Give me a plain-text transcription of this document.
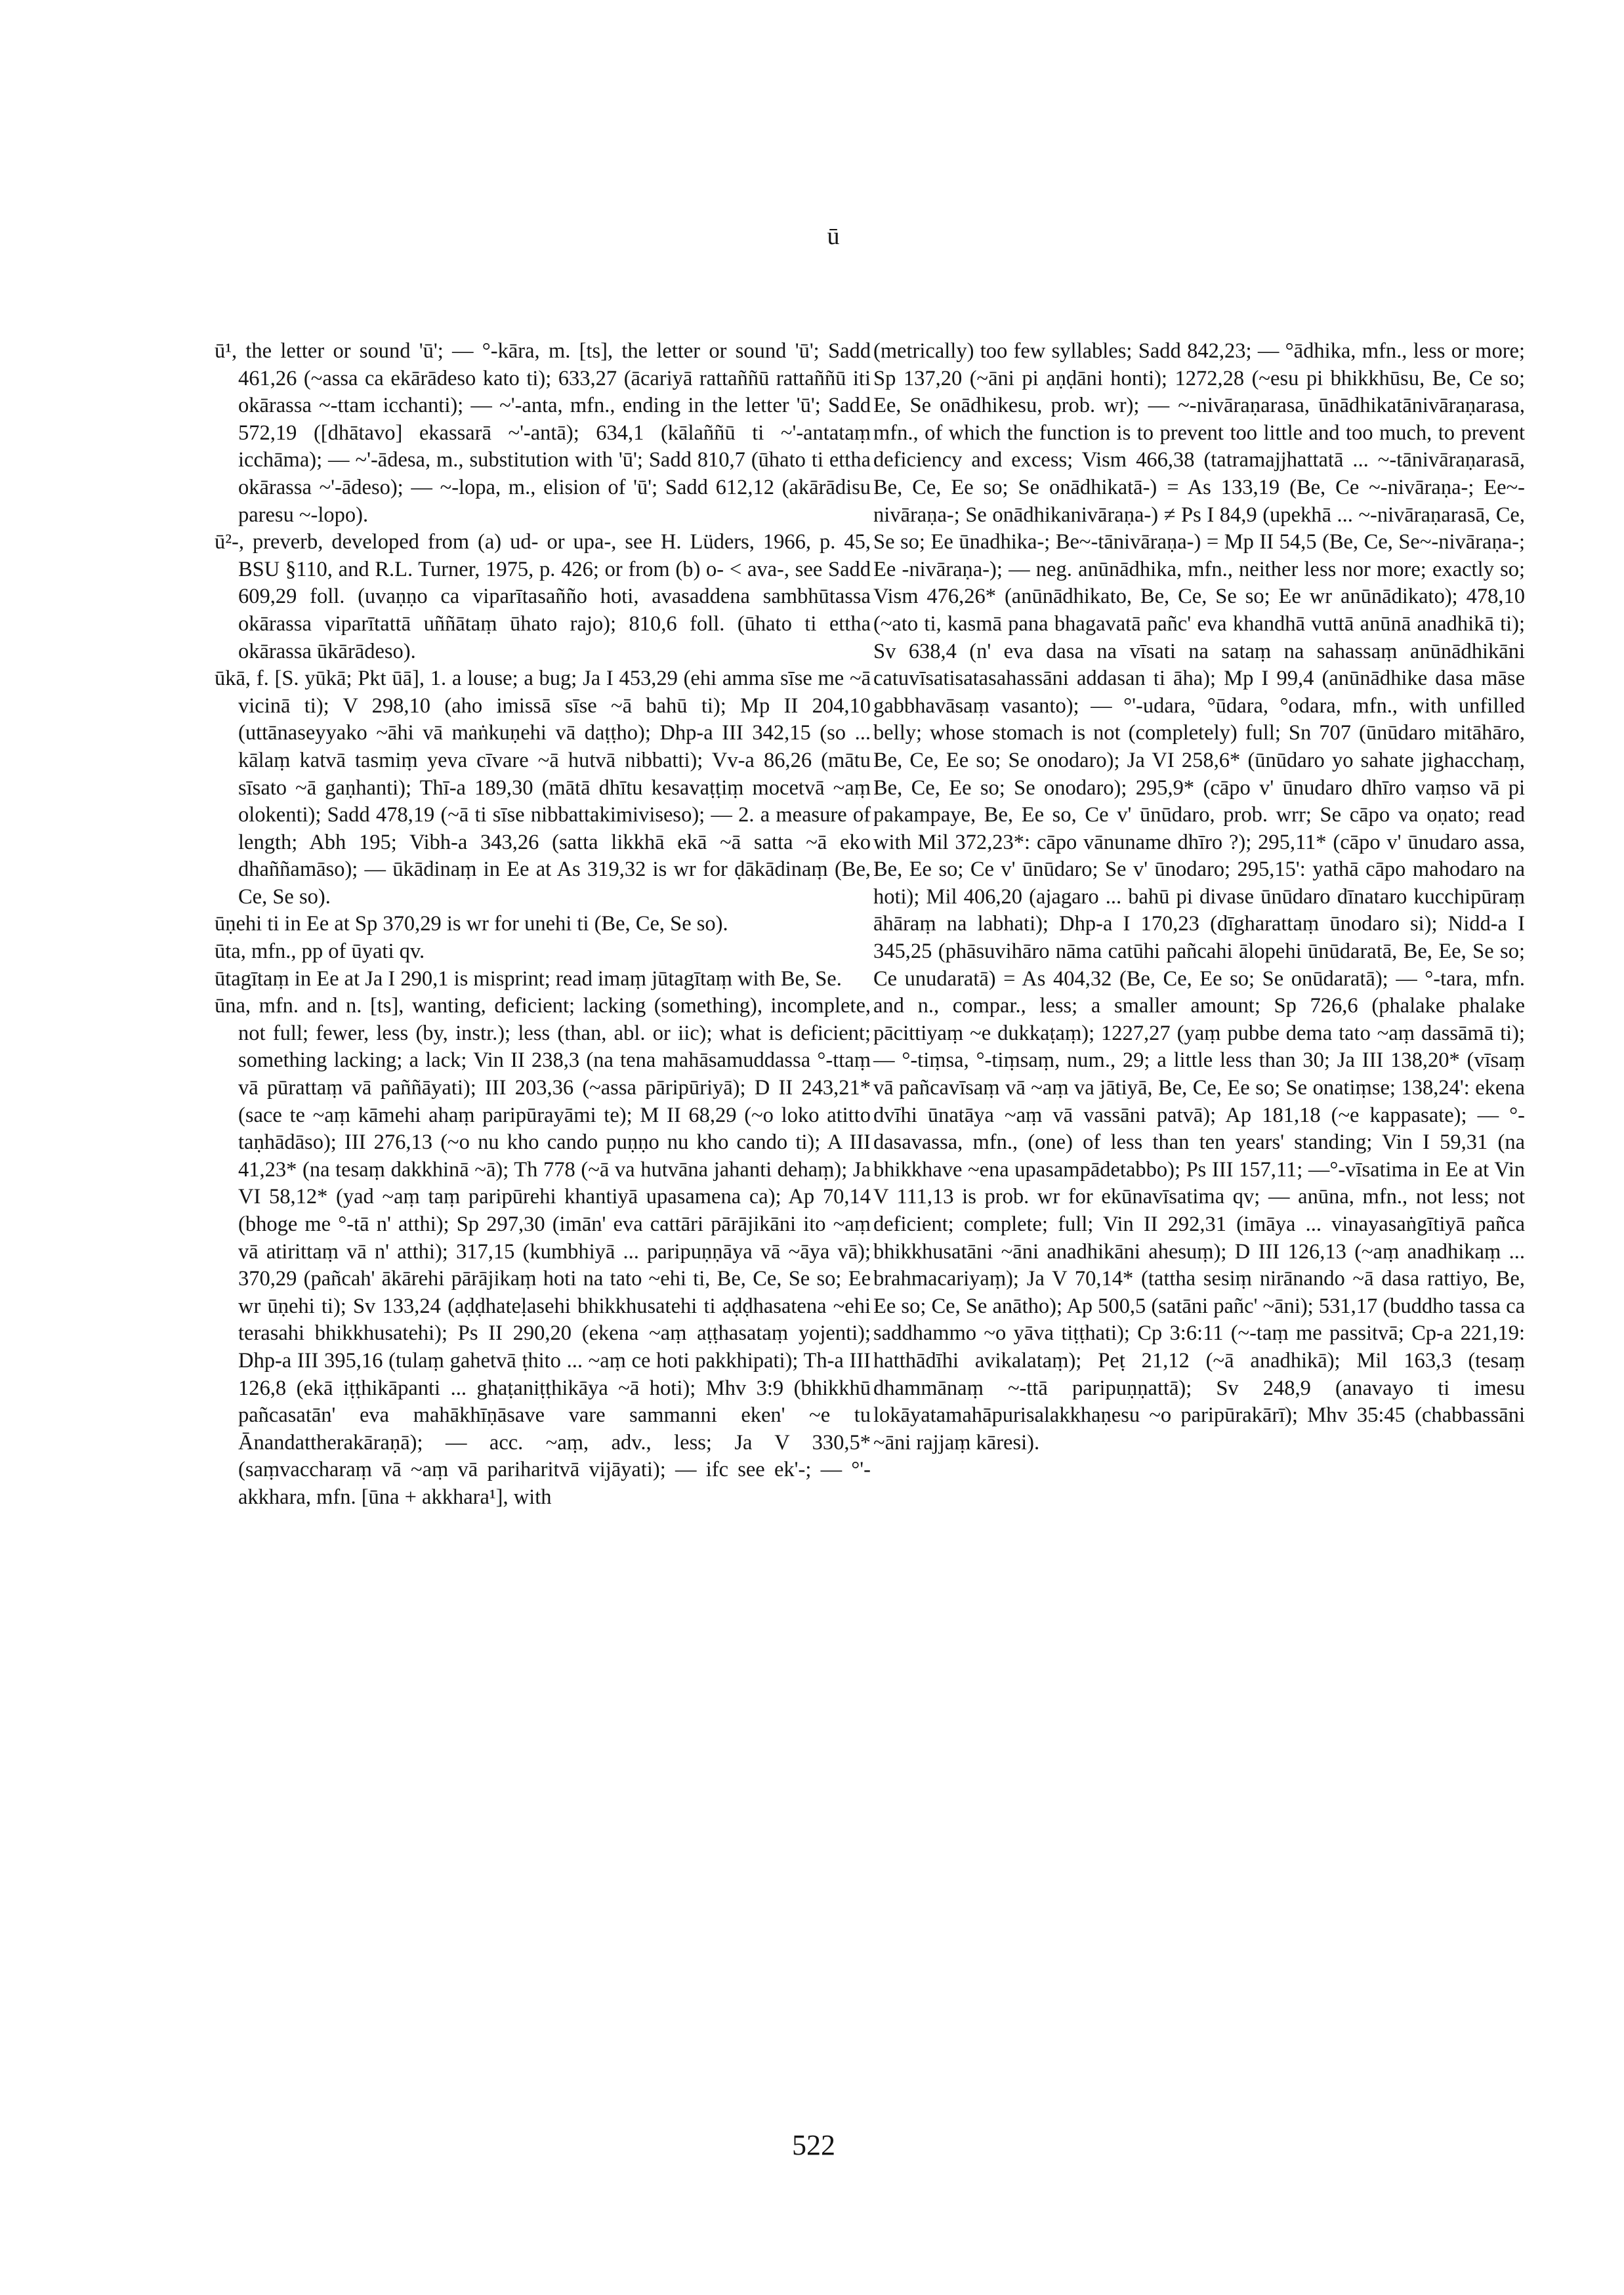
ū

ū¹, the letter or sound 'ū'; — °-kāra, m. [ts], the letter or sound 'ū'; Sadd 461,26 (~assa ca ekārādeso kato ti); 633,27 (ācariyā rattaññū rattaññū iti okārassa ~-ttam icchanti); — ~'-anta, mfn., ending in the letter 'ū'; Sadd 572,19 ([dhātavo] ekassarā ~'-antā); 634,1 (kālaññū ti ~'-antataṃ icchāma); — ~'-ādesa, m., substitution with 'ū'; Sadd 810,7 (ūhato ti ettha okārassa ~'-ādeso); — ~-lopa, m., elision of 'ū'; Sadd 612,12 (akārādisu paresu ~-lopo).

ū²-, preverb, developed from (a) ud- or upa-, see H. Lüders, 1966, p. 45, BSU §110, and R.L. Turner, 1975, p. 426; or from (b) o- < ava-, see Sadd 609,29 foll. (uvaṇṇo ca viparītasañño hoti, avasaddena sambhūtassa okārassa viparītattā uññātaṃ ūhato rajo); 810,6 foll. (ūhato ti ettha okārassa ūkārādeso).

ūkā, f. [S. yūkā; Pkt ūā], 1. a louse; a bug; Ja I 453,29 (ehi amma sīse me ~ā vicinā ti); V 298,10 (aho imissā sīse ~ā bahū ti); Mp II 204,10 (uttānaseyyako ~āhi vā maṅkuṇehi vā daṭṭho); Dhp-a III 342,15 (so ... kālaṃ katvā tasmiṃ yeva cīvare ~ā hutvā nibbatti); Vv-a 86,26 (mātu sīsato ~ā gaṇhanti); Thī-a 189,30 (mātā dhītu kesavaṭṭiṃ mocetvā ~aṃ olokenti); Sadd 478,19 (~ā ti sīse nibbattakimiviseso); — 2. a measure of length; Abh 195; Vibh-a 343,26 (satta likkhā ekā ~ā satta ~ā eko dhaññamāso); — ūkādinaṃ in Ee at As 319,32 is wr for ḍākādinaṃ (Be, Ce, Se so).

ūṇehi ti in Ee at Sp 370,29 is wr for unehi ti (Be, Ce, Se so).

ūta, mfn., pp of ūyati qv.

ūtagītaṃ in Ee at Ja I 290,1 is misprint; read imaṃ jūtagītaṃ with Be, Se.

ūna, mfn. and n. [ts], wanting, deficient; lacking (something), incomplete, not full; fewer, less (by, instr.); less (than, abl. or iic); what is deficient; something lacking; a lack; Vin II 238,3 (na tena mahāsamuddassa °-ttaṃ vā pūrattaṃ vā paññāyati); III 203,36 (~assa pāripūriyā); D II 243,21* (sace te ~aṃ kāmehi ahaṃ paripūrayāmi te); M II 68,29 (~o loko atitto taṇhādāso); III 276,13 (~o nu kho cando puṇṇo nu kho cando ti); A III 41,23* (na tesaṃ dakkhinā ~ā); Th 778 (~ā va hutvāna jahanti dehaṃ); Ja VI 58,12* (yad ~aṃ taṃ paripūrehi khantiyā upasamena ca); Ap 70,14 (bhoge me °-tā n' atthi); Sp 297,30 (imān' eva cattāri pārājikāni ito ~aṃ vā atirittaṃ vā n' atthi); 317,15 (kumbhiyā ... paripuṇṇāya vā ~āya vā); 370,29 (pañcah' ākārehi pārājikaṃ hoti na tato ~ehi ti, Be, Ce, Se so; Ee wr ūṇehi ti); Sv 133,24 (aḍḍhateḷasehi bhikkhusatehi ti aḍḍhasatena ~ehi terasahi bhikkhusatehi); Ps II 290,20 (ekena ~aṃ aṭṭhasataṃ yojenti); Dhp-a III 395,16 (tulaṃ gahetvā ṭhito ... ~aṃ ce hoti pakkhipati); Th-a III 126,8 (ekā iṭṭhikāpanti ... ghaṭaniṭṭhikāya ~ā hoti); Mhv 3:9 (bhikkhū pañcasatān' eva mahākhīṇāsave vare sammanni eken' ~e tu Ānandattherakāraṇā); — acc. ~aṃ, adv., less; Ja V 330,5* (saṃvaccharaṃ vā ~aṃ vā pariharitvā vijāyati); — ifc see ek'-; — °'-akkhara, mfn. [ūna + akkhara¹], with

(metrically) too few syllables; Sadd 842,23; — °ādhika, mfn., less or more; Sp 137,20 (~āni pi aṇḍāni honti); 1272,28 (~esu pi bhikkhūsu, Be, Ce so; Ee, Se onādhikesu, prob. wr); — ~-nivāraṇarasa, ūnādhikatānivāraṇarasa, mfn., of which the function is to prevent too little and too much, to prevent deficiency and excess; Vism 466,38 (tatramajjhattatā ... ~-tānivāraṇarasā, Be, Ce, Ee so; Se onādhikatā-) = As 133,19 (Be, Ce ~-nivāraṇa-; Ee~-nivāraṇa-; Se onādhikanivāraṇa-) ≠ Ps I 84,9 (upekhā ... ~-nivāraṇarasā, Ce, Se so; Ee ūnadhika-; Be~-tānivāraṇa-) = Mp II 54,5 (Be, Ce, Se~-nivāraṇa-; Ee -nivāraṇa-); — neg. anūnādhika, mfn., neither less nor more; exactly so; Vism 476,26* (anūnādhikato, Be, Ce, Se so; Ee wr anūnādikato); 478,10 (~ato ti, kasmā pana bhagavatā pañc' eva khandhā vuttā anūnā anadhikā ti); Sv 638,4 (n' eva dasa na vīsati na sataṃ na sahassaṃ anūnādhikāni catuvīsatisatasahassāni addasan ti āha); Mp I 99,4 (anūnādhike dasa māse gabbhavāsaṃ vasanto); — °'-udara, °ūdara, °odara, mfn., with unfilled belly; whose stomach is not (completely) full; Sn 707 (ūnūdaro mitāhāro, Be, Ce, Ee so; Se onodaro); Ja VI 258,6* (ūnūdaro yo sahate jighacchaṃ, Be, Ce, Ee so; Se onodaro); 295,9* (cāpo v' ūnudaro dhīro vaṃso vā pi pakampaye, Be, Ee so, Ce v' ūnūdaro, prob. wrr; Se cāpo va oṇato; read with Mil 372,23*: cāpo vānuname dhīro ?); 295,11* (cāpo v' ūnudaro assa, Be, Ee so; Ce v' ūnūdaro; Se v' ūnodaro; 295,15': yathā cāpo mahodaro na hoti); Mil 406,20 (ajagaro ... bahū pi divase ūnūdaro dīnataro kucchipūraṃ āhāraṃ na labhati); Dhp-a I 170,23 (dīgharattaṃ ūnodaro si); Nidd-a I 345,25 (phāsuvihāro nāma catūhi pañcahi ālopehi ūnūdaratā, Be, Ee, Se so; Ce unudaratā) = As 404,32 (Be, Ce, Ee so; Se onūdaratā); — °-tara, mfn. and n., compar., less; a smaller amount; Sp 726,6 (phalake phalake pācittiyaṃ ~e dukkaṭaṃ); 1227,27 (yaṃ pubbe dema tato ~aṃ dassāmā ti); — °-tiṃsa, °-tiṃsaṃ, num., 29; a little less than 30; Ja III 138,20* (vīsaṃ vā pañcavīsaṃ vā ~aṃ va jātiyā, Be, Ce, Ee so; Se onatiṃse; 138,24': ekena dvīhi ūnatāya ~aṃ vā vassāni patvā); Ap 181,18 (~e kappasate); — °-dasavassa, mfn., (one) of less than ten years' standing; Vin I 59,31 (na bhikkhave ~ena upasampādetabbo); Ps III 157,11; —°-vīsatima in Ee at Vin V 111,13 is prob. wr for ekūnavīsatima qv; — anūna, mfn., not less; not deficient; complete; full; Vin II 292,31 (imāya ... vinayasaṅgītiyā pañca bhikkhusatāni ~āni anadhikāni ahesuṃ); D III 126,13 (~aṃ anadhikaṃ ... brahmacariyaṃ); Ja V 70,14* (tattha sesiṃ nirānando ~ā dasa rattiyo, Be, Ee so; Ce, Se anātho); Ap 500,5 (satāni pañc' ~āni); 531,17 (buddho tassa ca saddhammo ~o yāva tiṭṭhati); Cp 3:6:11 (~-taṃ me passitvā; Cp-a 221,19: hatthādīhi avikalataṃ); Peṭ 21,12 (~ā anadhikā); Mil 163,3 (tesaṃ dhammānaṃ ~-ttā paripuṇṇattā); Sv 248,9 (anavayo ti imesu lokāyatamahāpurisalakkhaṇesu ~o paripūrakārī); Mhv 35:45 (chabbassāni ~āni rajjaṃ kāresi).

522
